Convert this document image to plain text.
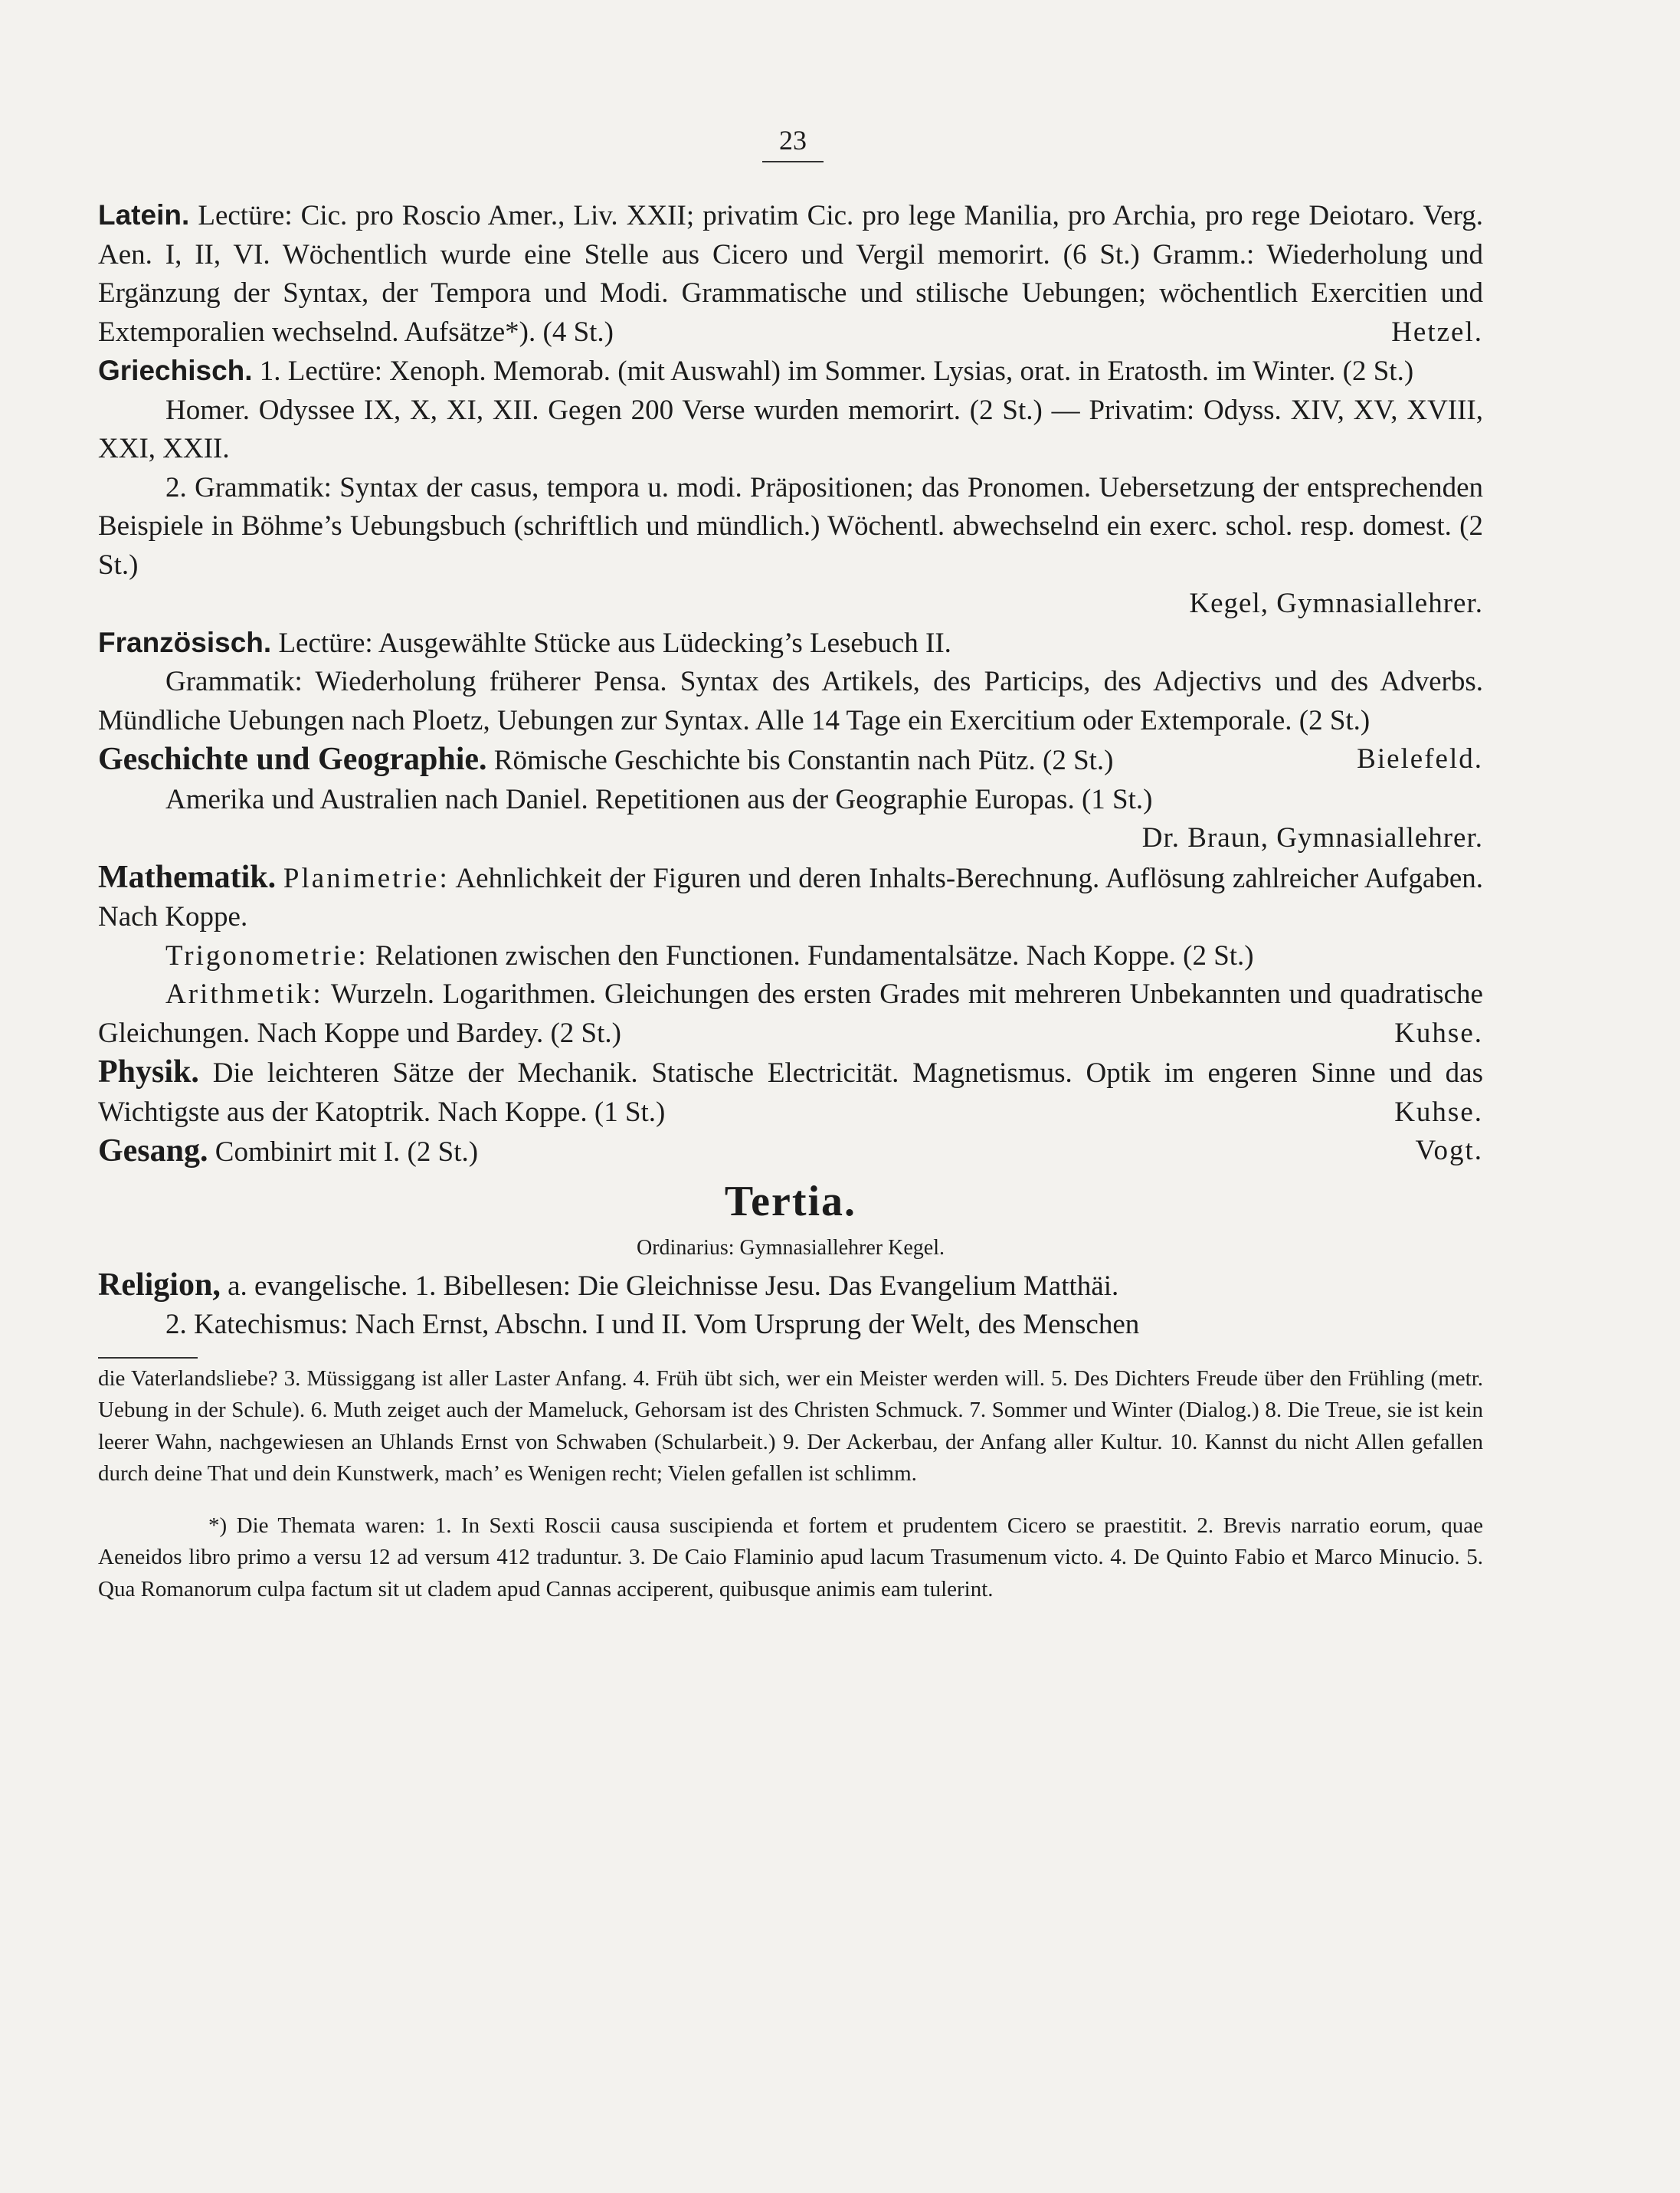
23

Latein. Lectüre: Cic. pro Roscio Amer., Liv. XXII; privatim Cic. pro lege Manilia, pro Archia, pro rege Deiotaro. Verg. Aen. I, II, VI. Wöchentlich wurde eine Stelle aus Cicero und Vergil memorirt. (6 St.) Gramm.: Wiederholung und Ergänzung der Syntax, der Tempora und Modi. Grammatische und stilische Uebungen; wöchentlich Exercitien und Extemporalien wechselnd. Aufsätze*). (4 St.)	Hetzel.

Griechisch. 1. Lectüre: Xenoph. Memorab. (mit Auswahl) im Sommer. Lysias, orat. in Eratosth. im Winter. (2 St.)

Homer. Odyssee IX, X, XI, XII. Gegen 200 Verse wurden memorirt. (2 St.) — Privatim: Odyss. XIV, XV, XVIII, XXI, XXII.

2. Grammatik: Syntax der casus, tempora u. modi. Präpositionen; das Pronomen. Uebersetzung der entsprechenden Beispiele in Böhme’s Uebungsbuch (schriftlich und mündlich.) Wöchentl. abwechselnd ein exerc. schol. resp. domest. (2 St.)

Kegel, Gymnasiallehrer.

Französisch. Lectüre: Ausgewählte Stücke aus Lüdecking’s Lesebuch II.

Grammatik: Wiederholung früherer Pensa. Syntax des Artikels, des Particips, des Adjectivs und des Adverbs. Mündliche Uebungen nach Ploetz, Uebungen zur Syntax. Alle 14 Tage ein Exercitium oder Extemporale. (2 St.)
Bielefeld.

Geschichte und Geographie. Römische Geschichte bis Constantin nach Pütz. (2 St.)

Amerika und Australien nach Daniel. Repetitionen aus der Geographie Europas. (1 St.)

Dr. Braun, Gymnasiallehrer.

Mathematik. Planimetrie: Aehnlichkeit der Figuren und deren Inhalts-Berechnung. Auflösung zahlreicher Aufgaben. Nach Koppe.

Trigonometrie: Relationen zwischen den Functionen. Fundamentalsätze. Nach Koppe. (2 St.)

Arithmetik: Wurzeln. Logarithmen. Gleichungen des ersten Grades mit mehreren Unbekannten und quadratische Gleichungen. Nach Koppe und Bardey. (2 St.)	Kuhse.

Physik. Die leichteren Sätze der Mechanik. Statische Electricität. Magnetismus. Optik im engeren Sinne und das Wichtigste aus der Katoptrik. Nach Koppe. (1 St.)	Kuhse.

Gesang. Combinirt mit I. (2 St.)	Vogt.

Tertia.

Ordinarius: Gymnasiallehrer Kegel.

Religion, a. evangelische. 1. Bibellesen: Die Gleichnisse Jesu. Das Evangelium Matthäi.

2. Katechismus: Nach Ernst, Abschn. I und II. Vom Ursprung der Welt, des Menschen

die Vaterlandsliebe? 3. Müssiggang ist aller Laster Anfang. 4. Früh übt sich, wer ein Meister werden will. 5. Des Dichters Freude über den Frühling (metr. Uebung in der Schule). 6. Muth zeiget auch der Mameluck, Gehorsam ist des Christen Schmuck. 7. Sommer und Winter (Dialog.) 8. Die Treue, sie ist kein leerer Wahn, nachgewiesen an Uhlands Ernst von Schwaben (Schularbeit.) 9. Der Ackerbau, der Anfang aller Kultur. 10. Kannst du nicht Allen gefallen durch deine That und dein Kunstwerk, mach’ es Wenigen recht; Vielen gefallen ist schlimm.

*) Die Themata waren: 1. In Sexti Roscii causa suscipienda et fortem et prudentem Cicero se praestitit. 2. Brevis narratio eorum, quae Aeneidos libro primo a versu 12 ad versum 412 traduntur. 3. De Caio Flaminio apud lacum Trasumenum victo. 4. De Quinto Fabio et Marco Minucio. 5. Qua Romanorum culpa factum sit ut cladem apud Cannas acciperent, quibusque animis eam tulerint.
